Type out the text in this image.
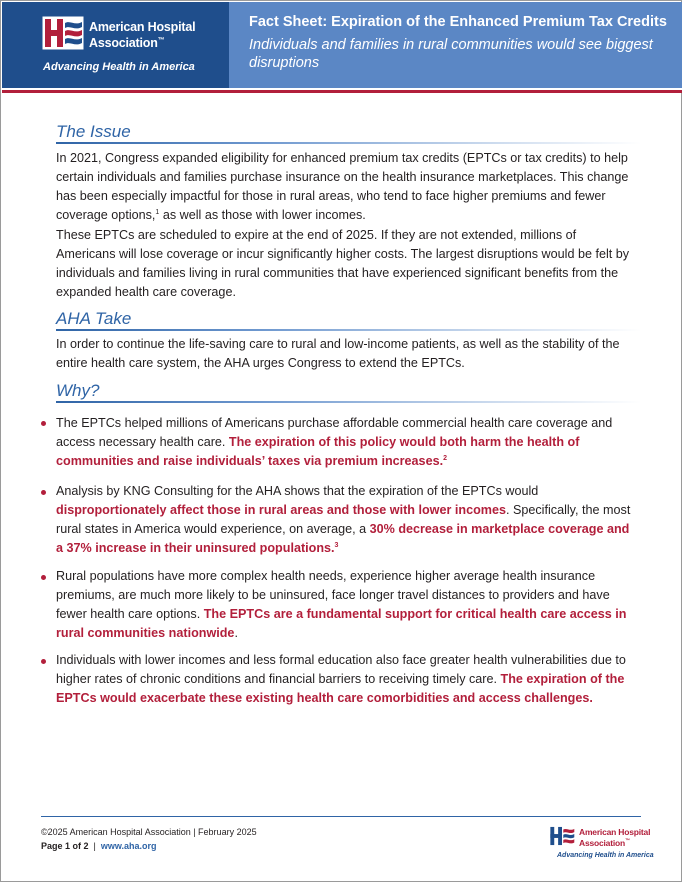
American Hospital
Association™
Advancing Health in America
Fact Sheet: Expiration of the Enhanced Premium Tax Credits
Individuals and families in rural communities would see biggest disruptions
The Issue

In 2021, Congress expanded eligibility for enhanced premium tax credits (EPTCs or tax credits) to help certain individuals and families purchase insurance on the health insurance marketplaces. This change has been especially impactful for those in rural areas, who tend to face higher premiums and fewer coverage options,$^1$ as well as those with lower incomes.

These EPTCs are scheduled to expire at the end of 2025. If they are not extended, millions of Americans will lose coverage or incur significantly higher costs. The largest disruptions would be felt by individuals and families living in rural communities that have experienced significant benefits from the expanded health care coverage.

AHA Take

In order to continue the life-saving care to rural and low-income patients, as well as the stability of the entire health care system, the AHA urges Congress to extend the EPTCs.

Why?

The EPTCs helped millions of Americans purchase affordable commercial health care coverage and access necessary health care. The expiration of this policy would both harm the health of communities and raise individuals’ taxes via premium increases.$^2$

Analysis by KNG Consulting for the AHA shows that the expiration of the EPTCs would disproportionately affect those in rural areas and those with lower incomes. Specifically, the most rural states in America would experience, on average, a 30% decrease in marketplace coverage and a 37% increase in their uninsured populations.$^3$

Rural populations have more complex health needs, experience higher average health insurance premiums, are much more likely to be uninsured, face longer travel distances to providers and have fewer health care options. The EPTCs are a fundamental support for critical health care access in rural communities nationwide.

Individuals with lower incomes and less formal education also face greater health vulnerabilities due to higher rates of chronic conditions and financial barriers to receiving timely care. The expiration of the EPTCs would exacerbate these existing health care comorbidities and access challenges.

©2025 American Hospital Association | February 2025
Page 1 of 2  |  www.aha.org
American Hospital
Association™
Advancing Health in America
